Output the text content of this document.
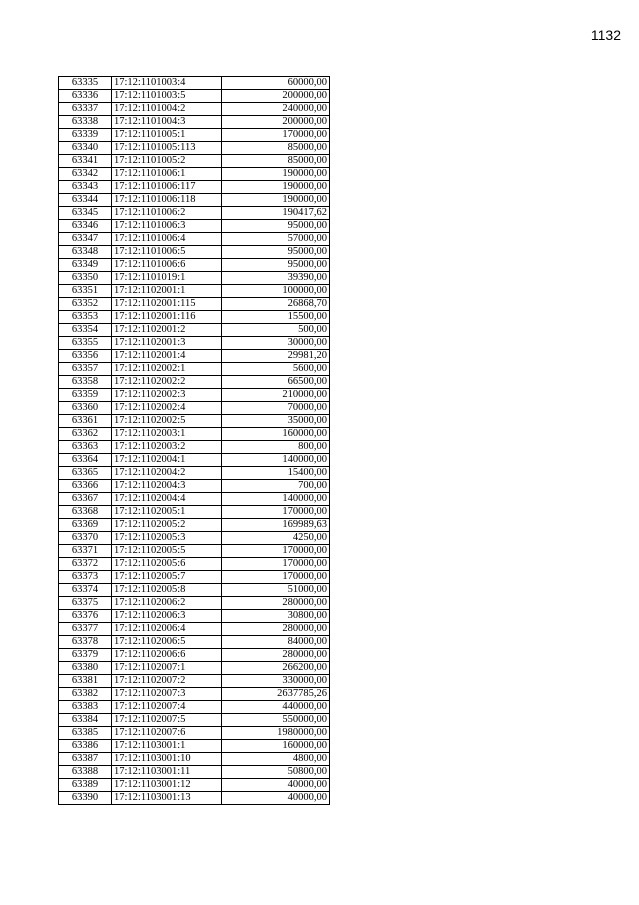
1132
63335	17:12:1101003:4	60000,00
63336	17:12:1101003:5	200000,00
63337	17:12:1101004:2	240000,00
63338	17:12:1101004:3	200000,00
63339	17:12:1101005:1	170000,00
63340	17:12:1101005:113	85000,00
63341	17:12:1101005:2	85000,00
63342	17:12:1101006:1	190000,00
63343	17:12:1101006:117	190000,00
63344	17:12:1101006:118	190000,00
63345	17:12:1101006:2	190417,62
63346	17:12:1101006:3	95000,00
63347	17:12:1101006:4	57000,00
63348	17:12:1101006:5	95000,00
63349	17:12:1101006:6	95000,00
63350	17:12:1101019:1	39390,00
63351	17:12:1102001:1	100000,00
63352	17:12:1102001:115	26868,70
63353	17:12:1102001:116	15500,00
63354	17:12:1102001:2	500,00
63355	17:12:1102001:3	30000,00
63356	17:12:1102001:4	29981,20
63357	17:12:1102002:1	5600,00
63358	17:12:1102002:2	66500,00
63359	17:12:1102002:3	210000,00
63360	17:12:1102002:4	70000,00
63361	17:12:1102002:5	35000,00
63362	17:12:1102003:1	160000,00
63363	17:12:1102003:2	800,00
63364	17:12:1102004:1	140000,00
63365	17:12:1102004:2	15400,00
63366	17:12:1102004:3	700,00
63367	17:12:1102004:4	140000,00
63368	17:12:1102005:1	170000,00
63369	17:12:1102005:2	169989,63
63370	17:12:1102005:3	4250,00
63371	17:12:1102005:5	170000,00
63372	17:12:1102005:6	170000,00
63373	17:12:1102005:7	170000,00
63374	17:12:1102005:8	51000,00
63375	17:12:1102006:2	280000,00
63376	17:12:1102006:3	30800,00
63377	17:12:1102006:4	280000,00
63378	17:12:1102006:5	84000,00
63379	17:12:1102006:6	280000,00
63380	17:12:1102007:1	266200,00
63381	17:12:1102007:2	330000,00
63382	17:12:1102007:3	2637785,26
63383	17:12:1102007:4	440000,00
63384	17:12:1102007:5	550000,00
63385	17:12:1102007:6	1980000,00
63386	17:12:1103001:1	160000,00
63387	17:12:1103001:10	4800,00
63388	17:12:1103001:11	50800,00
63389	17:12:1103001:12	40000,00
63390	17:12:1103001:13	40000,00
